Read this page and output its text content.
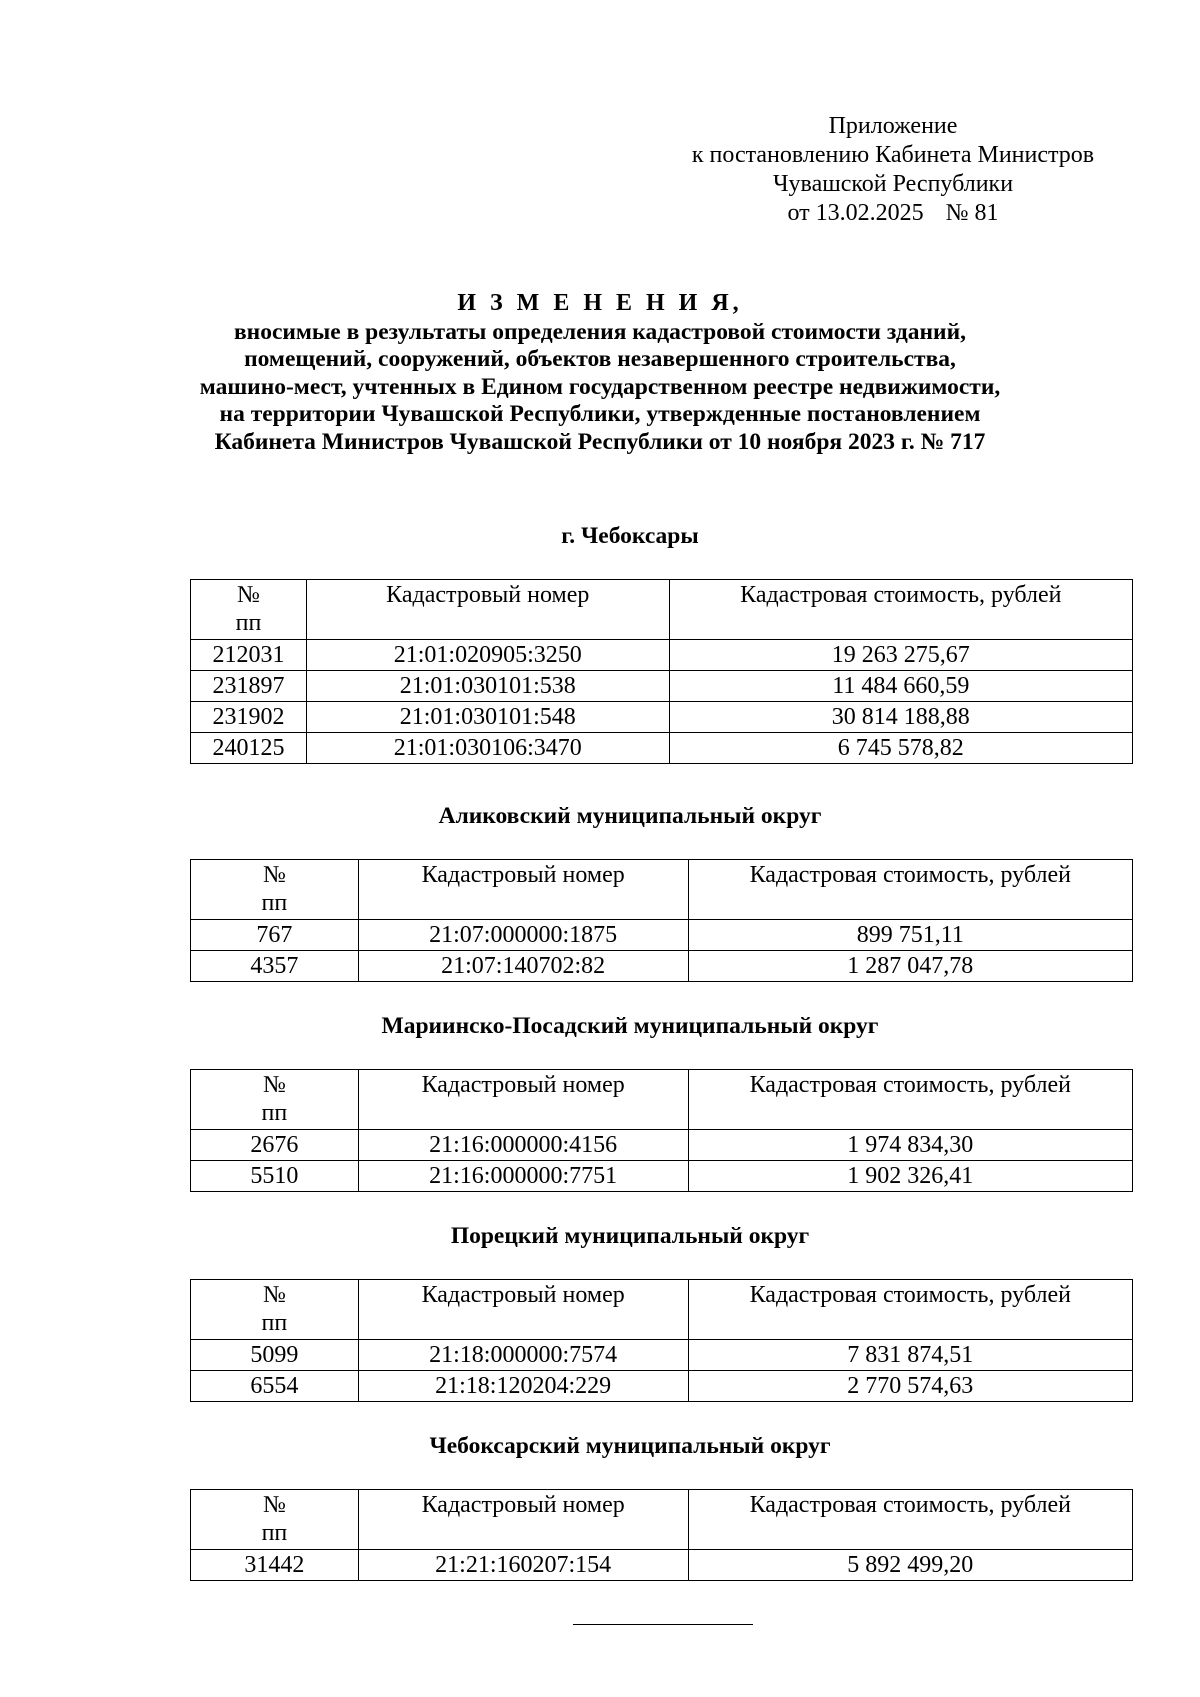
Приложение
к постановлению Кабинета Министров
Чувашской Республики
от 13.02.2025 № 81
И З М Е Н Е Н И Я,
вносимые в результаты определения кадастровой стоимости зданий,
помещений, сооружений, объектов незавершенного строительства,
машино-мест, учтенных в Едином государственном реестре недвижимости,
на территории Чувашской Республики, утвержденные постановлением
Кабинета Министров Чувашской Республики от 10 ноября 2023 г. № 717
г. Чебоксары
№
пп	Кадастровый номер	Кадастровая стоимость, рублей
212031	21:01:020905:3250	19 263 275,67
231897	21:01:030101:538	11 484 660,59
231902	21:01:030101:548	30 814 188,88
240125	21:01:030106:3470	6 745 578,82
Аликовский муниципальный округ
№
пп	Кадастровый номер	Кадастровая стоимость, рублей
767	21:07:000000:1875	899 751,11
4357	21:07:140702:82	1 287 047,78
Мариинско-Посадский муниципальный округ
№
пп	Кадастровый номер	Кадастровая стоимость, рублей
2676	21:16:000000:4156	1 974 834,30
5510	21:16:000000:7751	1 902 326,41
Порецкий муниципальный округ
№
пп	Кадастровый номер	Кадастровая стоимость, рублей
5099	21:18:000000:7574	7 831 874,51
6554	21:18:120204:229	2 770 574,63
Чебоксарский муниципальный округ
№
пп	Кадастровый номер	Кадастровая стоимость, рублей
31442	21:21:160207:154	5 892 499,20
